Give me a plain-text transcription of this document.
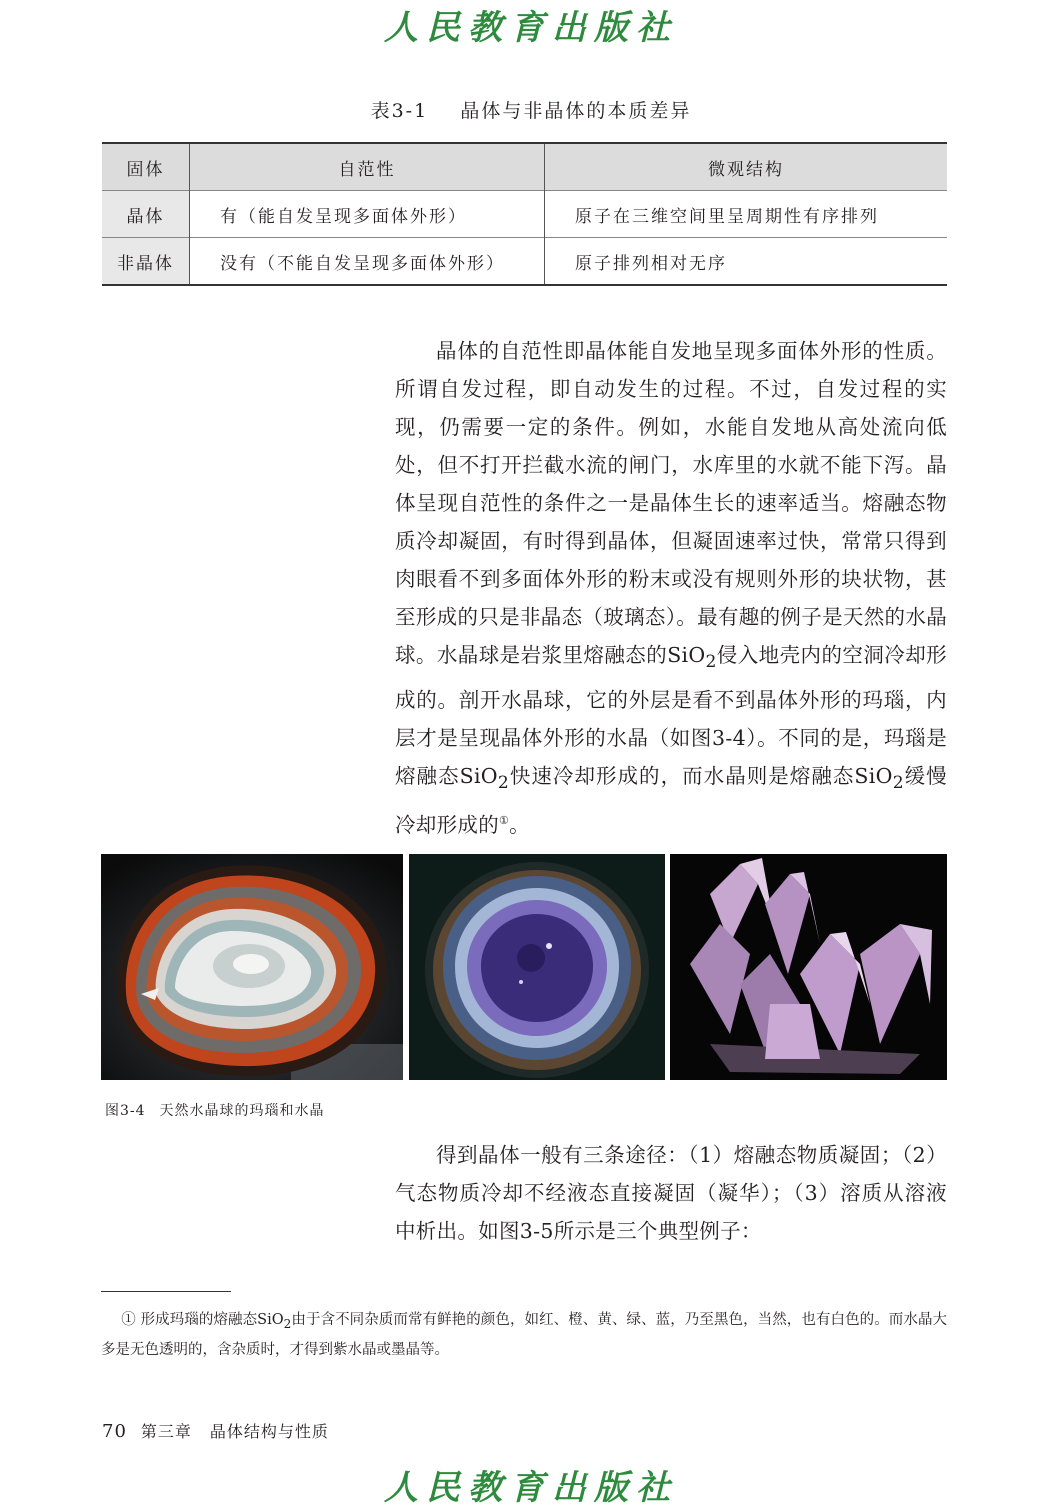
人民教育出版社
表3-1 晶体与非晶体的本质差异
固体	自范性	微观结构
晶体	有（能自发呈现多面体外形）	原子在三维空间里呈周期性有序排列
非晶体	没有（不能自发呈现多面体外形）	原子排列相对无序

晶体的自范性即晶体能自发地呈现多面体外形的性质。所谓自发过程，即自动发生的过程。不过，自发过程的实现，仍需要一定的条件。例如，水能自发地从高处流向低处，但不打开拦截水流的闸门，水库里的水就不能下泻。晶体呈现自范性的条件之一是晶体生长的速率适当。熔融态物质冷却凝固，有时得到晶体，但凝固速率过快，常常只得到肉眼看不到多面体外形的粉末或没有规则外形的块状物，甚至形成的只是非晶态（玻璃态）。最有趣的例子是天然的水晶球。水晶球是岩浆里熔融态的SiO$_2$侵入地壳内的空洞冷却形成的。剖开水晶球，它的外层是看不到晶体外形的玛瑙，内层才是呈现晶体外形的水晶（如图3-4）。不同的是，玛瑙是熔融态SiO$_2$快速冷却形成的，而水晶则是熔融态SiO$_2$缓慢冷却形成的①。

图3-4 天然水晶球的玛瑙和水晶

得到晶体一般有三条途径：（1）熔融态物质凝固；（2）气态物质冷却不经液态直接凝固（凝华）；（3）溶质从溶液中析出。如图3-5所示是三个典型例子：

① 形成玛瑙的熔融态SiO$_2$由于含不同杂质而常有鲜艳的颜色，如红、橙、黄、绿、蓝，乃至黑色，当然，也有白色的。而水晶大多是无色透明的，含杂质时，才得到紫水晶或墨晶等。

70 第三章 晶体结构与性质
人民教育出版社
